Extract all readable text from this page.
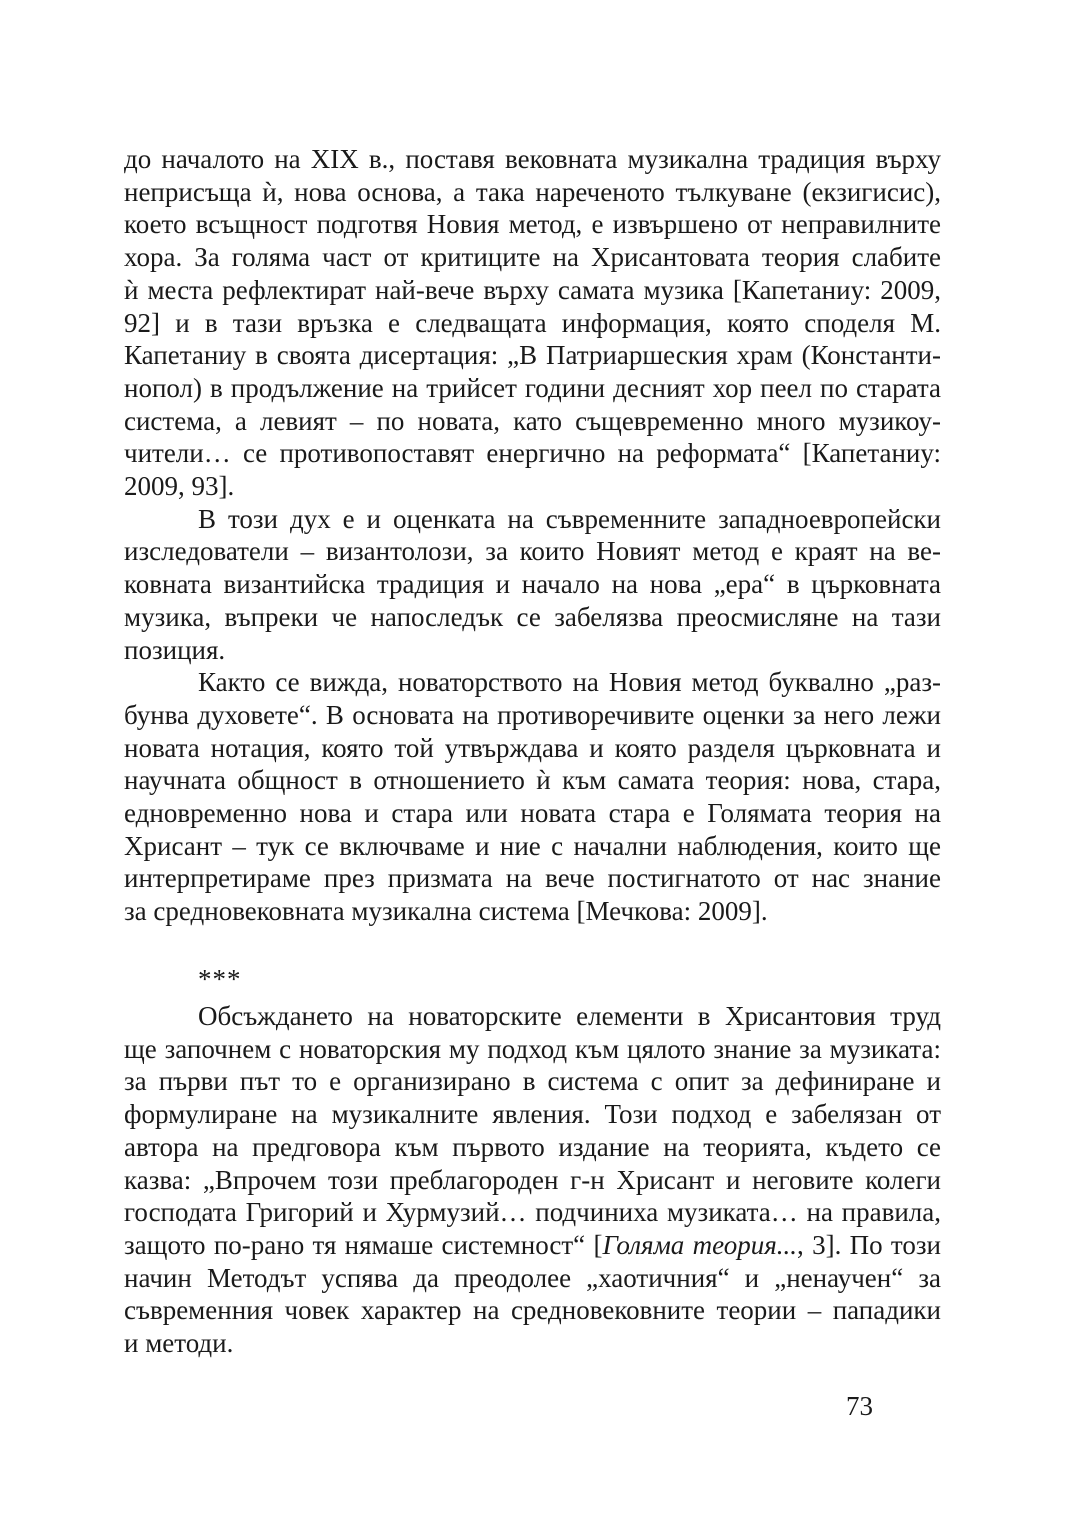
до началото на XIX в., поставя вековната музикална традиция върху
неприсъща ѝ, нова основа, а така нареченото тълкуване (екзигисис),
което всъщност подготвя Новия метод, е извършено от неправилните
хора. За голяма част от критиците на Хрисантовата теория слабите
ѝ места рефлектират най-вече върху самата музика [Капетаниу: 2009,
92] и в тази връзка е следващата информация, която споделя М.
Капетаниу в своята дисертация: „В Патриаршеския храм (Константи-
нопол) в продължение на трийсет години десният хор пеел по старата
система, а левият – по новата, като същевременно много музикоу-
чители… се противопоставят енергично на реформата“ [Капетаниу:
2009, 93].
В този дух е и оценката на съвременните западноевропейски
изследователи – византолози, за които Новият метод е краят на ве-
ковната византийска традиция и начало на нова „ера“ в църковната
музика, въпреки че напоследък се забелязва преосмисляне на тази
позиция.
Както се вижда, новаторството на Новия метод буквално „раз-
бунва духовете“. В основата на противоречивите оценки за него лежи
новата нотация, която той утвърждава и която разделя църковната и
научната общност в отношението ѝ към самата теория: нова, стара,
едновременно нова и стара или новата стара е Голямата теория на
Хрисант – тук се включваме и ние с начални наблюдения, които ще
интерпретираме през призмата на вече постигнатото от нас знание
за средновековната музикална система [Мечкова: 2009].
***
Обсъждането на новаторските елементи в Хрисантовия труд
ще започнем с новаторския му подход към цялото знание за музиката:
за първи път то е организирано в система с опит за дефиниране и
формулиране на музикалните явления. Този подход е забелязан от
автора на предговора към първото издание на теорията, където се
казва: „Впрочем този преблагороден г-н Хрисант и неговите колеги
господата Григорий и Хурмузий… подчиниха музиката… на правила,
защото по-рано тя нямаше системност“ [Голяма теория..., 3]. По този
начин Методът успява да преодолее „хаотичния“ и „ненаучен“ за
съвременния човек характер на средновековните теории – пападики
и методи.
73
